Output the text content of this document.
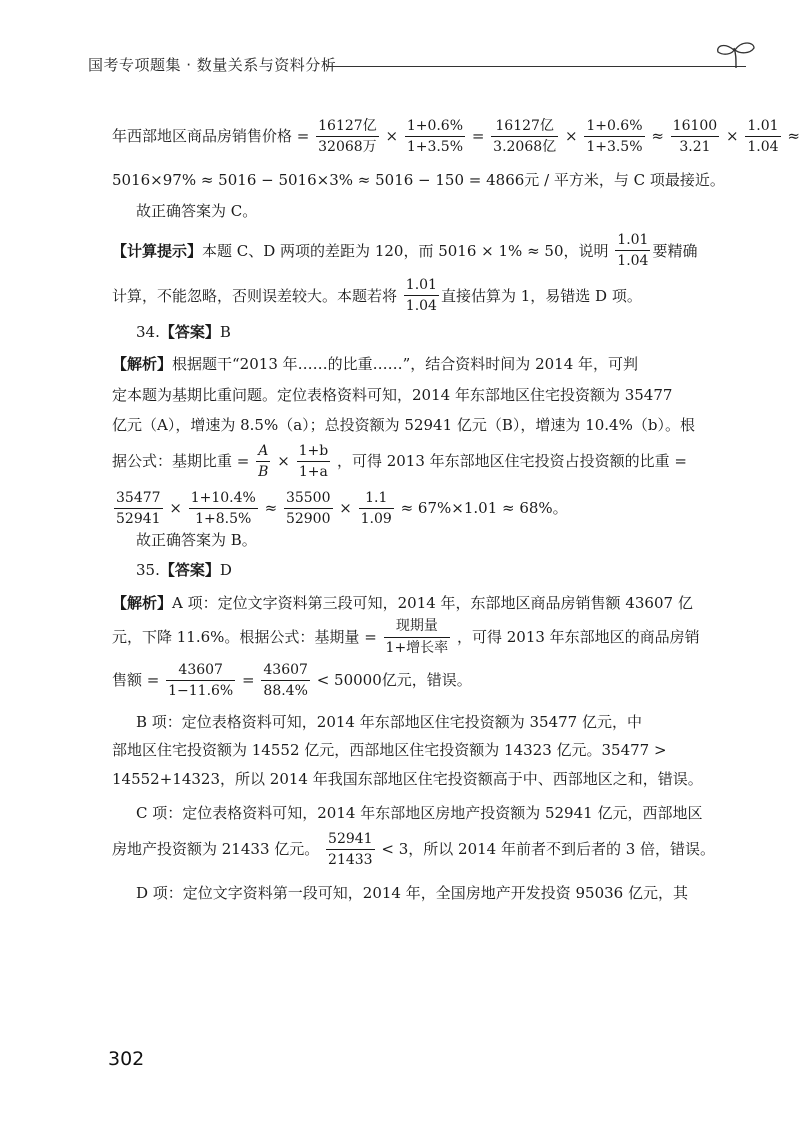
国考专项题集 · 数量关系与资料分析
年西部地区商品房销售价格 = $\frac{\text{16127亿}}{\text{32068万}} \times \frac{1+0.6\%}{1+3.5\%} = \frac{\text{16127亿}}{\text{3.2068亿}} \times \frac{1+0.6\%}{1+3.5\%} \approx \frac{16100}{3.21} \times \frac{1.01}{1.04}$ ≈
5016×97% ≈ 5016 − 5016×3% ≈ 5016 − 150 = 4866元 / 平方米，与 C 项最接近。
故正确答案为 C。
【计算提示】本题 C、D 两项的差距为 120，而 5016 × 1% ≈ 50，说明 $\frac{1.01}{1.04}$ 要精确
计算，不能忽略，否则误差较大。本题若将 $\frac{1.01}{1.04}$ 直接估算为 1，易错选 D 项。
34.【答案】B
【解析】根据题干“2013 年……的比重……”，结合资料时间为 2014 年，可判
定本题为基期比重问题。定位表格资料可知，2014 年东部地区住宅投资额为 35477
亿元（A），增速为 8.5%（a）；总投资额为 52941 亿元（B），增速为 10.4%（b）。根
据公式：基期比重 = $\frac{A}{B} \times \frac{1+b}{1+a}$ ，可得 2013 年东部地区住宅投资占投资额的比重 =
$\frac{35477}{52941} \times \frac{1+10.4\%}{1+8.5\%} \approx \frac{35500}{52900} \times \frac{1.1}{1.09} \approx 67\%\times 1.01 \approx 68\%$。
故正确答案为 B。
35.【答案】D
【解析】A 项：定位文字资料第三段可知，2014 年，东部地区商品房销售额 43607 亿
元，下降 11.6%。根据公式：基期量 = $\frac{\text{现期量}}{\text{1+增长率}}$ ，可得 2013 年东部地区的商品房销
售额 = $\frac{43607}{1-11.6\%} = \frac{43607}{88.4\%} < 50000$亿元，错误。
B 项：定位表格资料可知，2014 年东部地区住宅投资额为 35477 亿元，中
部地区住宅投资额为 14552 亿元，西部地区住宅投资额为 14323 亿元。35477 >
14552+14323，所以 2014 年我国东部地区住宅投资额高于中、西部地区之和，错误。
C 项：定位表格资料可知，2014 年东部地区房地产投资额为 52941 亿元，西部地区
房地产投资额为 21433 亿元。 $\frac{52941}{21433} < 3$，所以 2014 年前者不到后者的 3 倍，错误。
D 项：定位文字资料第一段可知，2014 年，全国房地产开发投资 95036 亿元，其
302
